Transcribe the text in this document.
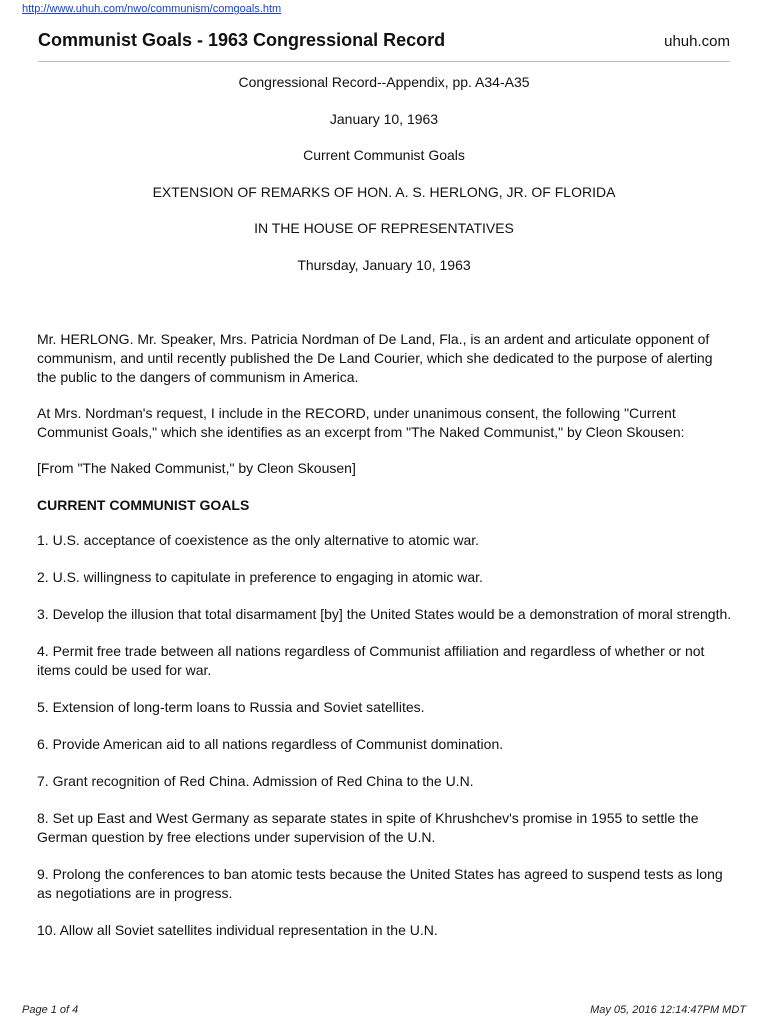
http://www.uhuh.com/nwo/communism/comgoals.htm
Communist Goals - 1963 Congressional Record	uhuh.com
Congressional Record--Appendix, pp. A34-A35
January 10, 1963
Current Communist Goals
EXTENSION OF REMARKS OF HON. A. S. HERLONG, JR. OF FLORIDA
IN THE HOUSE OF REPRESENTATIVES
Thursday, January 10, 1963

Mr. HERLONG. Mr. Speaker, Mrs. Patricia Nordman of De Land, Fla., is an ardent and articulate opponent of communism, and until recently published the De Land Courier, which she dedicated to the purpose of alerting the public to the dangers of communism in America.

At Mrs. Nordman's request, I include in the RECORD, under unanimous consent, the following "Current Communist Goals," which she identifies as an excerpt from "The Naked Communist," by Cleon Skousen:

[From "The Naked Communist," by Cleon Skousen]

CURRENT COMMUNIST GOALS

1. U.S. acceptance of coexistence as the only alternative to atomic war.

2. U.S. willingness to capitulate in preference to engaging in atomic war.

3. Develop the illusion that total disarmament [by] the United States would be a demonstration of moral strength.

4. Permit free trade between all nations regardless of Communist affiliation and regardless of whether or not items could be used for war.

5. Extension of long-term loans to Russia and Soviet satellites.

6. Provide American aid to all nations regardless of Communist domination.

7. Grant recognition of Red China. Admission of Red China to the U.N.

8. Set up East and West Germany as separate states in spite of Khrushchev's promise in 1955 to settle the German question by free elections under supervision of the U.N.

9. Prolong the conferences to ban atomic tests because the United States has agreed to suspend tests as long as negotiations are in progress.

10. Allow all Soviet satellites individual representation in the U.N.

Page 1 of 4	May 05, 2016 12:14:47PM MDT
